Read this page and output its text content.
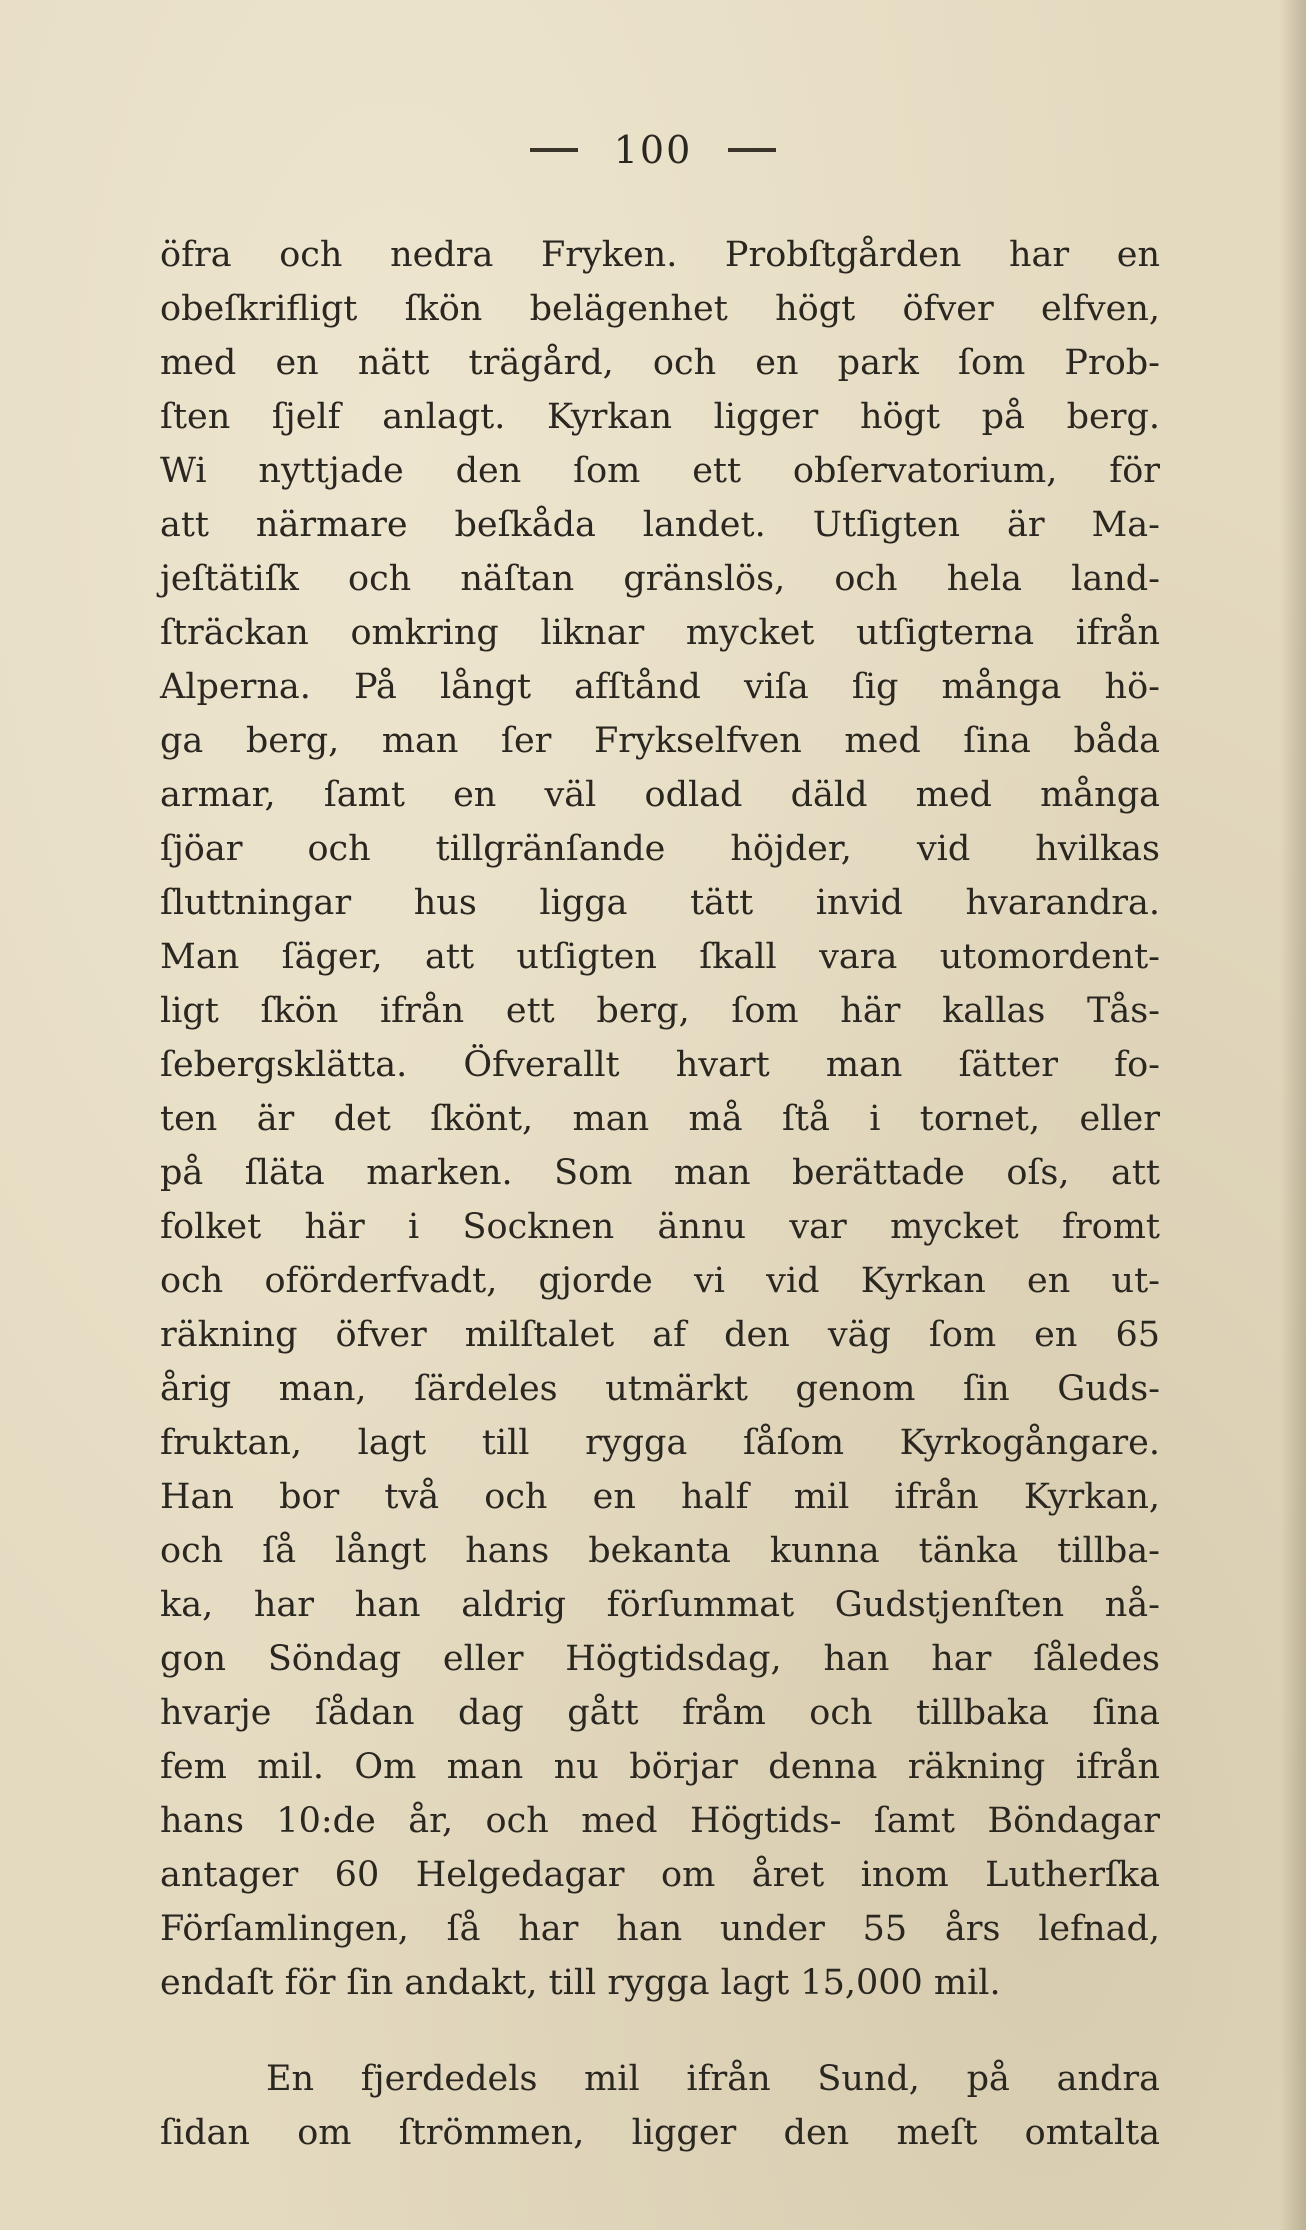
100
öfra och nedra Fryken. Probſtgården har en
obeſkrifligt ſkön belägenhet högt öfver elfven,
med en nätt trägård, och en park ſom Prob-
ſten ſjelf anlagt. Kyrkan ligger högt på berg.
Wi nyttjade den ſom ett obſervatorium, för
att närmare beſkåda landet. Utſigten är Ma-
jeſtätiſk och näſtan gränslös, och hela land-
ſträckan omkring liknar mycket utſigterna ifrån
Alperna. På långt afſtånd viſa ſig många hö-
ga berg, man ſer Frykselfven med ſina båda
armar, ſamt en väl odlad däld med många
ſjöar och tillgränſande höjder, vid hvilkas
ſluttningar hus ligga tätt invid hvarandra.
Man ſäger, att utſigten ſkall vara utomordent-
ligt ſkön ifrån ett berg, ſom här kallas Tås-
ſebergsklätta. Öfverallt hvart man ſätter fo-
ten är det ſkönt, man må ſtå i tornet, eller
på ſläta marken. Som man berättade oſs, att
folket här i Socknen ännu var mycket fromt
och oförderfvadt, gjorde vi vid Kyrkan en ut-
räkning öfver milſtalet af den väg ſom en 65
årig man, ſärdeles utmärkt genom ſin Guds-
fruktan, lagt till rygga ſåſom Kyrkogångare.
Han bor två och en half mil ifrån Kyrkan,
och ſå långt hans bekanta kunna tänka tillba-
ka, har han aldrig förſummat Gudstjenſten nå-
gon Söndag eller Högtidsdag, han har ſåledes
hvarje ſådan dag gått fråm och tillbaka ſina
fem mil. Om man nu börjar denna räkning ifrån
hans 10:de år, och med Högtids- ſamt Böndagar
antager 60 Helgedagar om året inom Lutherſka
Förſamlingen, ſå har han under 55 års lefnad,
endaſt för ſin andakt, till rygga lagt 15,000 mil.
En fjerdedels mil ifrån Sund, på andra
ſidan om ſtrömmen, ligger den meſt omtalta
